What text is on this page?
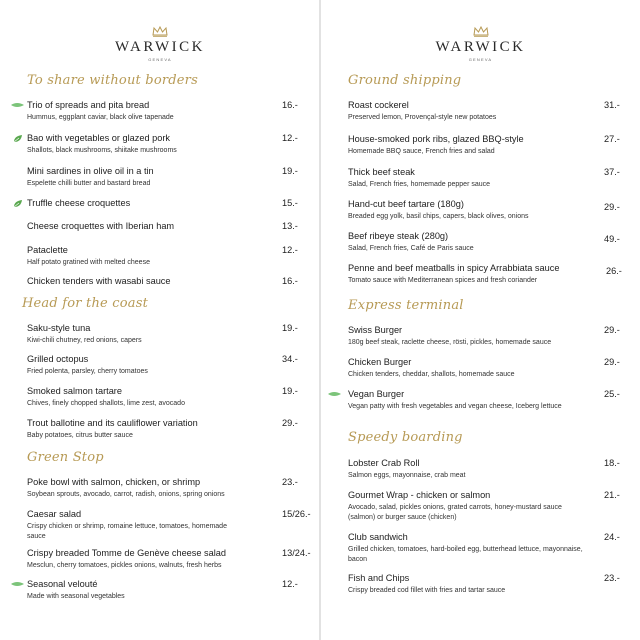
WARWICK
GENEVA
To share without borders
Trio of spreads and pita bread
Hummus, eggplant caviar, black olive tapenade
16.-
Bao with vegetables or glazed pork
Shallots, black mushrooms, shiitake mushrooms
12.-
Mini sardines in olive oil in a tin
Espelette chilli butter and bastard bread
19.-
Truffle cheese croquettes	15.-
Cheese croquettes with Iberian ham	13.-
Pataclette
Half potato gratined with melted cheese
12.-
Chicken tenders with wasabi sauce	16.-
Head for the coast
Saku-style tuna
Kiwi-chili chutney, red onions, capers
19.-
Grilled octopus
Fried polenta, parsley, cherry tomatoes
34.-
Smoked salmon tartare
Chives, finely chopped shallots, lime zest, avocado
19.-
Trout ballotine and its cauliflower variation
Baby potatoes, citrus butter sauce
29.-
Green Stop
Poke bowl with salmon, chicken, or shrimp
Soybean sprouts, avocado, carrot, radish, onions, spring onions
23.-
Caesar salad
Crispy chicken or shrimp, romaine lettuce, tomatoes, homemade sauce
15/26.-
Crispy breaded Tomme de Genève cheese salad
Mesclun, cherry tomatoes, pickles onions, walnuts, fresh herbs
13/24.-
Seasonal velouté
Made with seasonal vegetables
12.-
WARWICK
GENEVA
Ground shipping
Roast cockerel
Preserved lemon, Provençal-style new potatoes
31.-
House-smoked pork ribs, glazed BBQ-style
Homemade BBQ sauce, French fries and salad
27.-
Thick beef steak
Salad, French fries, homemade pepper sauce
37.-
Hand-cut beef tartare (180g)
Breaded egg yolk, basil chips, capers, black olives, onions
29.-
Beef ribeye steak (280g)
Salad, French fries, Café de Paris sauce
49.-
Penne and beef meatballs in spicy Arrabbiata sauce
Tomato sauce with Mediterranean spices and fresh coriander
26.-
Express terminal
Swiss Burger
180g beef steak, raclette cheese, rösti, pickles, homemade sauce
29.-
Chicken Burger
Chicken tenders, cheddar, shallots, homemade sauce
29.-
Vegan Burger
Vegan patty with fresh vegetables and vegan cheese, Iceberg lettuce
25.-
Speedy boarding
Lobster Crab Roll
Salmon eggs, mayonnaise, crab meat
18.-
Gourmet Wrap - chicken or salmon
Avocado, salad, pickles onions, grated carrots, honey-mustard sauce (salmon) or burger sauce (chicken)
21.-
Club sandwich
Grilled chicken, tomatoes, hard-boiled egg, butterhead lettuce, mayonnaise, bacon
24.-
Fish and Chips
Crispy breaded cod fillet with fries and tartar sauce
23.-
